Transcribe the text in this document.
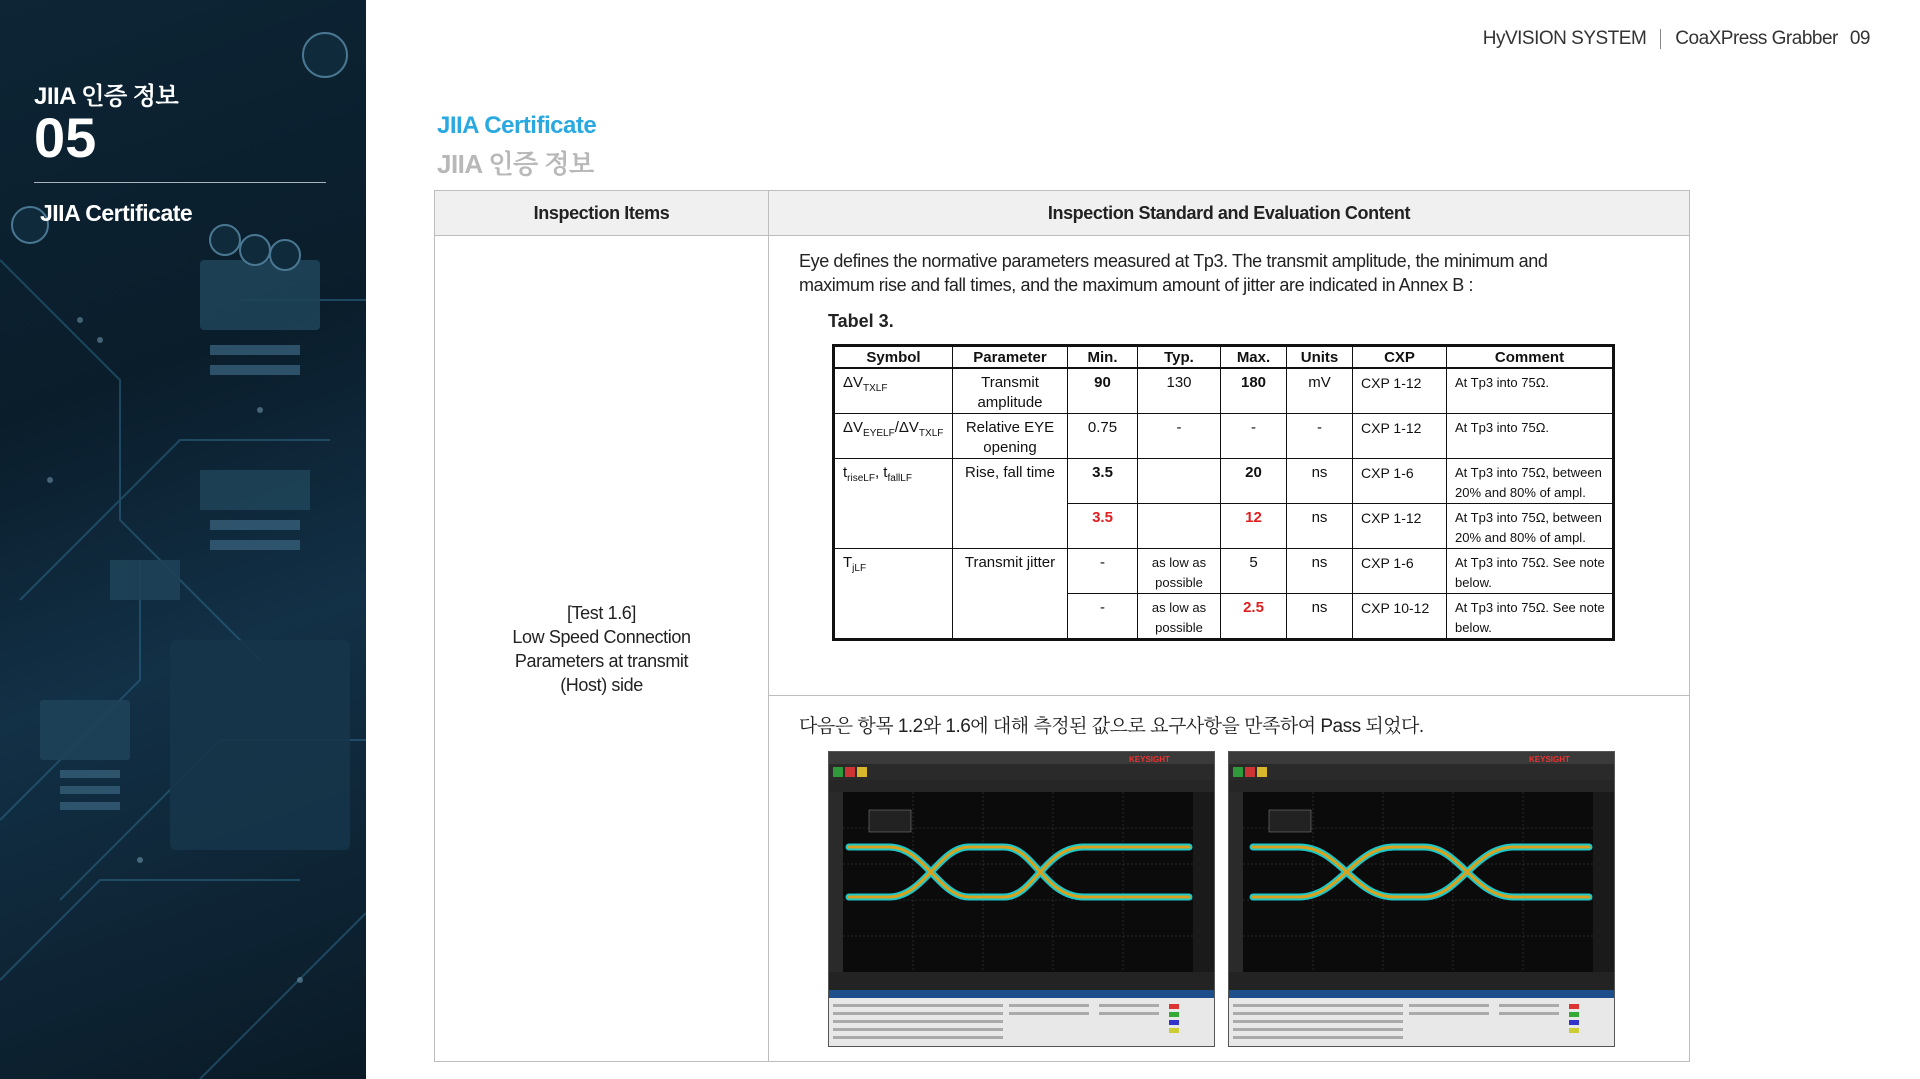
JIIA 인증 정보
05
JIIA Certificate
HyVISION SYSTEM CoaXPress Grabber 09
JIIA Certificate
JIIA 인증 정보
Inspection Items	Inspection Standard and Evaluation Content
[Test 1.6]
Low Speed Connection
Parameters at transmit
(Host) side
Eye defines the normative parameters measured at Tp3. The transmit amplitude, the minimum and maximum rise and fall times, and the maximum amount of jitter are indicated in Annex B :
Tabel 3.
Symbol	Parameter	Min.	Typ.	Max.	Units	CXP	Comment
$\Delta V_{TXLF}$	Transmit amplitude	90	130	180	mV	CXP 1-12	At Tp3 into 75Ω.
$\Delta V_{EYELF}/\Delta V_{TXLF}$	Relative EYE opening	0.75	-	-	-	CXP 1-12	At Tp3 into 75Ω.
$t_{riseLF}$, $t_{fallLF}$	Rise, fall time	3.5		20	ns	CXP 1-6	At Tp3 into 75Ω, between 20% and 80% of ampl.
		3.5		12	ns	CXP 1-12	At Tp3 into 75Ω, between 20% and 80% of ampl.
$T_{jLF}$	Transmit jitter	-	as low as possible	5	ns	CXP 1-6	At Tp3 into 75Ω. See note below.
		-	as low as possible	2.5	ns	CXP 10-12	At Tp3 into 75Ω. See note below.
다음은 항목 1.2와 1.6에 대해 측정된 값으로 요구사항을 만족하여 Pass 되었다.
KEYSIGHT	KEYSIGHT
